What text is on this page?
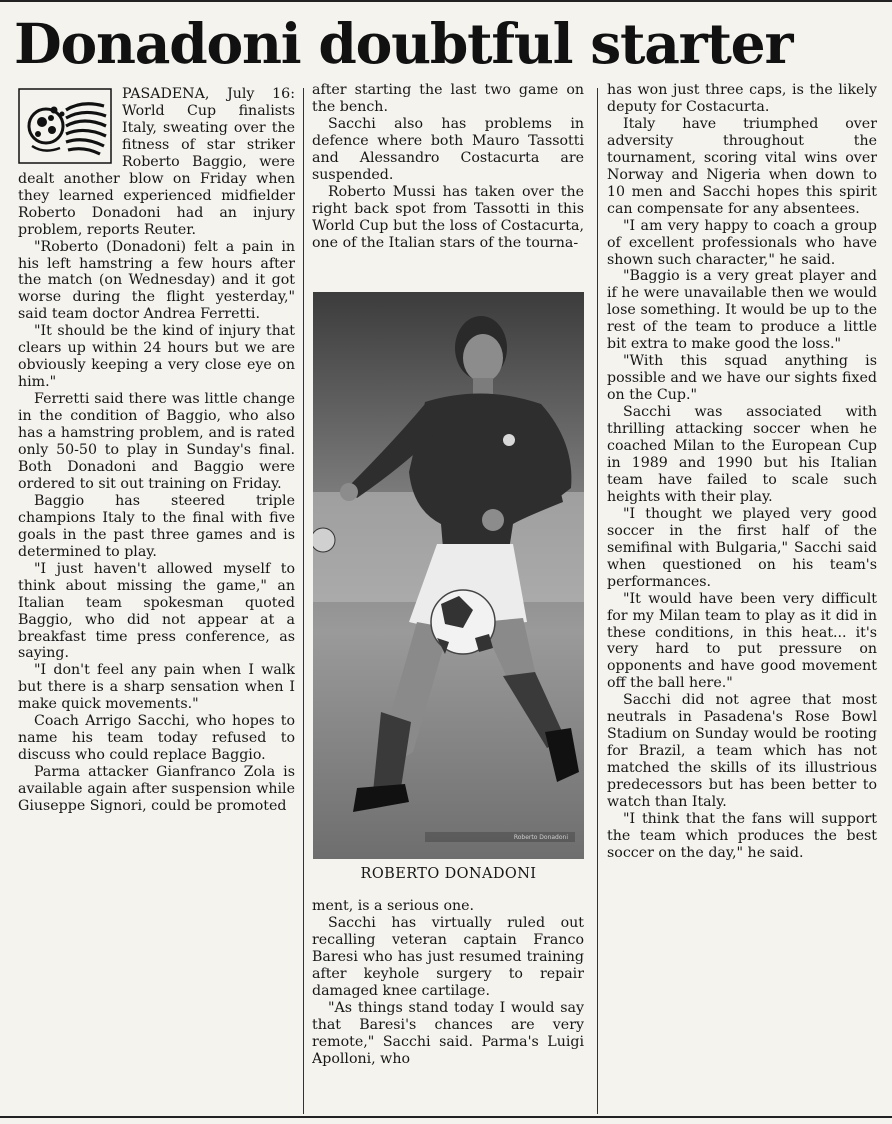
Donadoni doubtful starter

PASADENA, July 16: World Cup finalists Italy, sweating over the fitness of star striker Roberto Baggio, were dealt another blow on Friday when they learned experienced midfielder Roberto Donadoni had an injury problem, reports Reuter.

"Roberto (Donadoni) felt a pain in his left hamstring a few hours after the match (on Wednesday) and it got worse during the flight yesterday," said team doctor Andrea Ferretti.

"It should be the kind of injury that clears up within 24 hours but we are obviously keeping a very close eye on him."

Ferretti said there was little change in the condition of Baggio, who also has a hamstring problem, and is rated only 50-50 to play in Sunday's final. Both Donadoni and Baggio were ordered to sit out training on Friday.

Baggio has steered triple champions Italy to the final with five goals in the past three games and is determined to play.

"I just haven't allowed myself to think about missing the game," an Italian team spokesman quoted Baggio, who did not appear at a breakfast time press conference, as saying.

"I don't feel any pain when I walk but there is a sharp sensation when I make quick movements."

Coach Arrigo Sacchi, who hopes to name his team today refused to discuss who could replace Baggio.

Parma attacker Gianfranco Zola is available again after suspension while Giuseppe Signori, could be promoted

after starting the last two game on the bench.

Sacchi also has problems in defence where both Mauro Tassotti and Alessandro Costacurta are suspended.

Roberto Mussi has taken over the right back spot from Tassotti in this World Cup but the loss of Costacurta, one of the Italian stars of the tourna-

Roberto Donadoni
ROBERTO DONADONI

ment, is a serious one.

Sacchi has virtually ruled out recalling veteran captain Franco Baresi who has just resumed training after keyhole surgery to repair damaged knee cartilage.

"As things stand today I would say that Baresi's chances are very remote," Sacchi said. Parma's Luigi Apolloni, who

has won just three caps, is the likely deputy for Costacurta.

Italy have triumphed over adversity throughout the tournament, scoring vital wins over Norway and Nigeria when down to 10 men and Sacchi hopes this spirit can compensate for any absentees.

"I am very happy to coach a group of excellent professionals who have shown such character," he said.

"Baggio is a very great player and if he were unavailable then we would lose something. It would be up to the rest of the team to produce a little bit extra to make good the loss."

"With this squad anything is possible and we have our sights fixed on the Cup."

Sacchi was associated with thrilling attacking soccer when he coached Milan to the European Cup in 1989 and 1990 but his Italian team have failed to scale such heights with their play.

"I thought we played very good soccer in the first half of the semifinal with Bulgaria," Sacchi said when questioned on his team's performances.

"It would have been very difficult for my Milan team to play as it did in these conditions, in this heat... it's very hard to put pressure on opponents and have good movement off the ball here."

Sacchi did not agree that most neutrals in Pasadena's Rose Bowl Stadium on Sunday would be rooting for Brazil, a team which has not matched the skills of its illustrious predecessors but has been better to watch than Italy.

"I think that the fans will support the team which produces the best soccer on the day," he said.
